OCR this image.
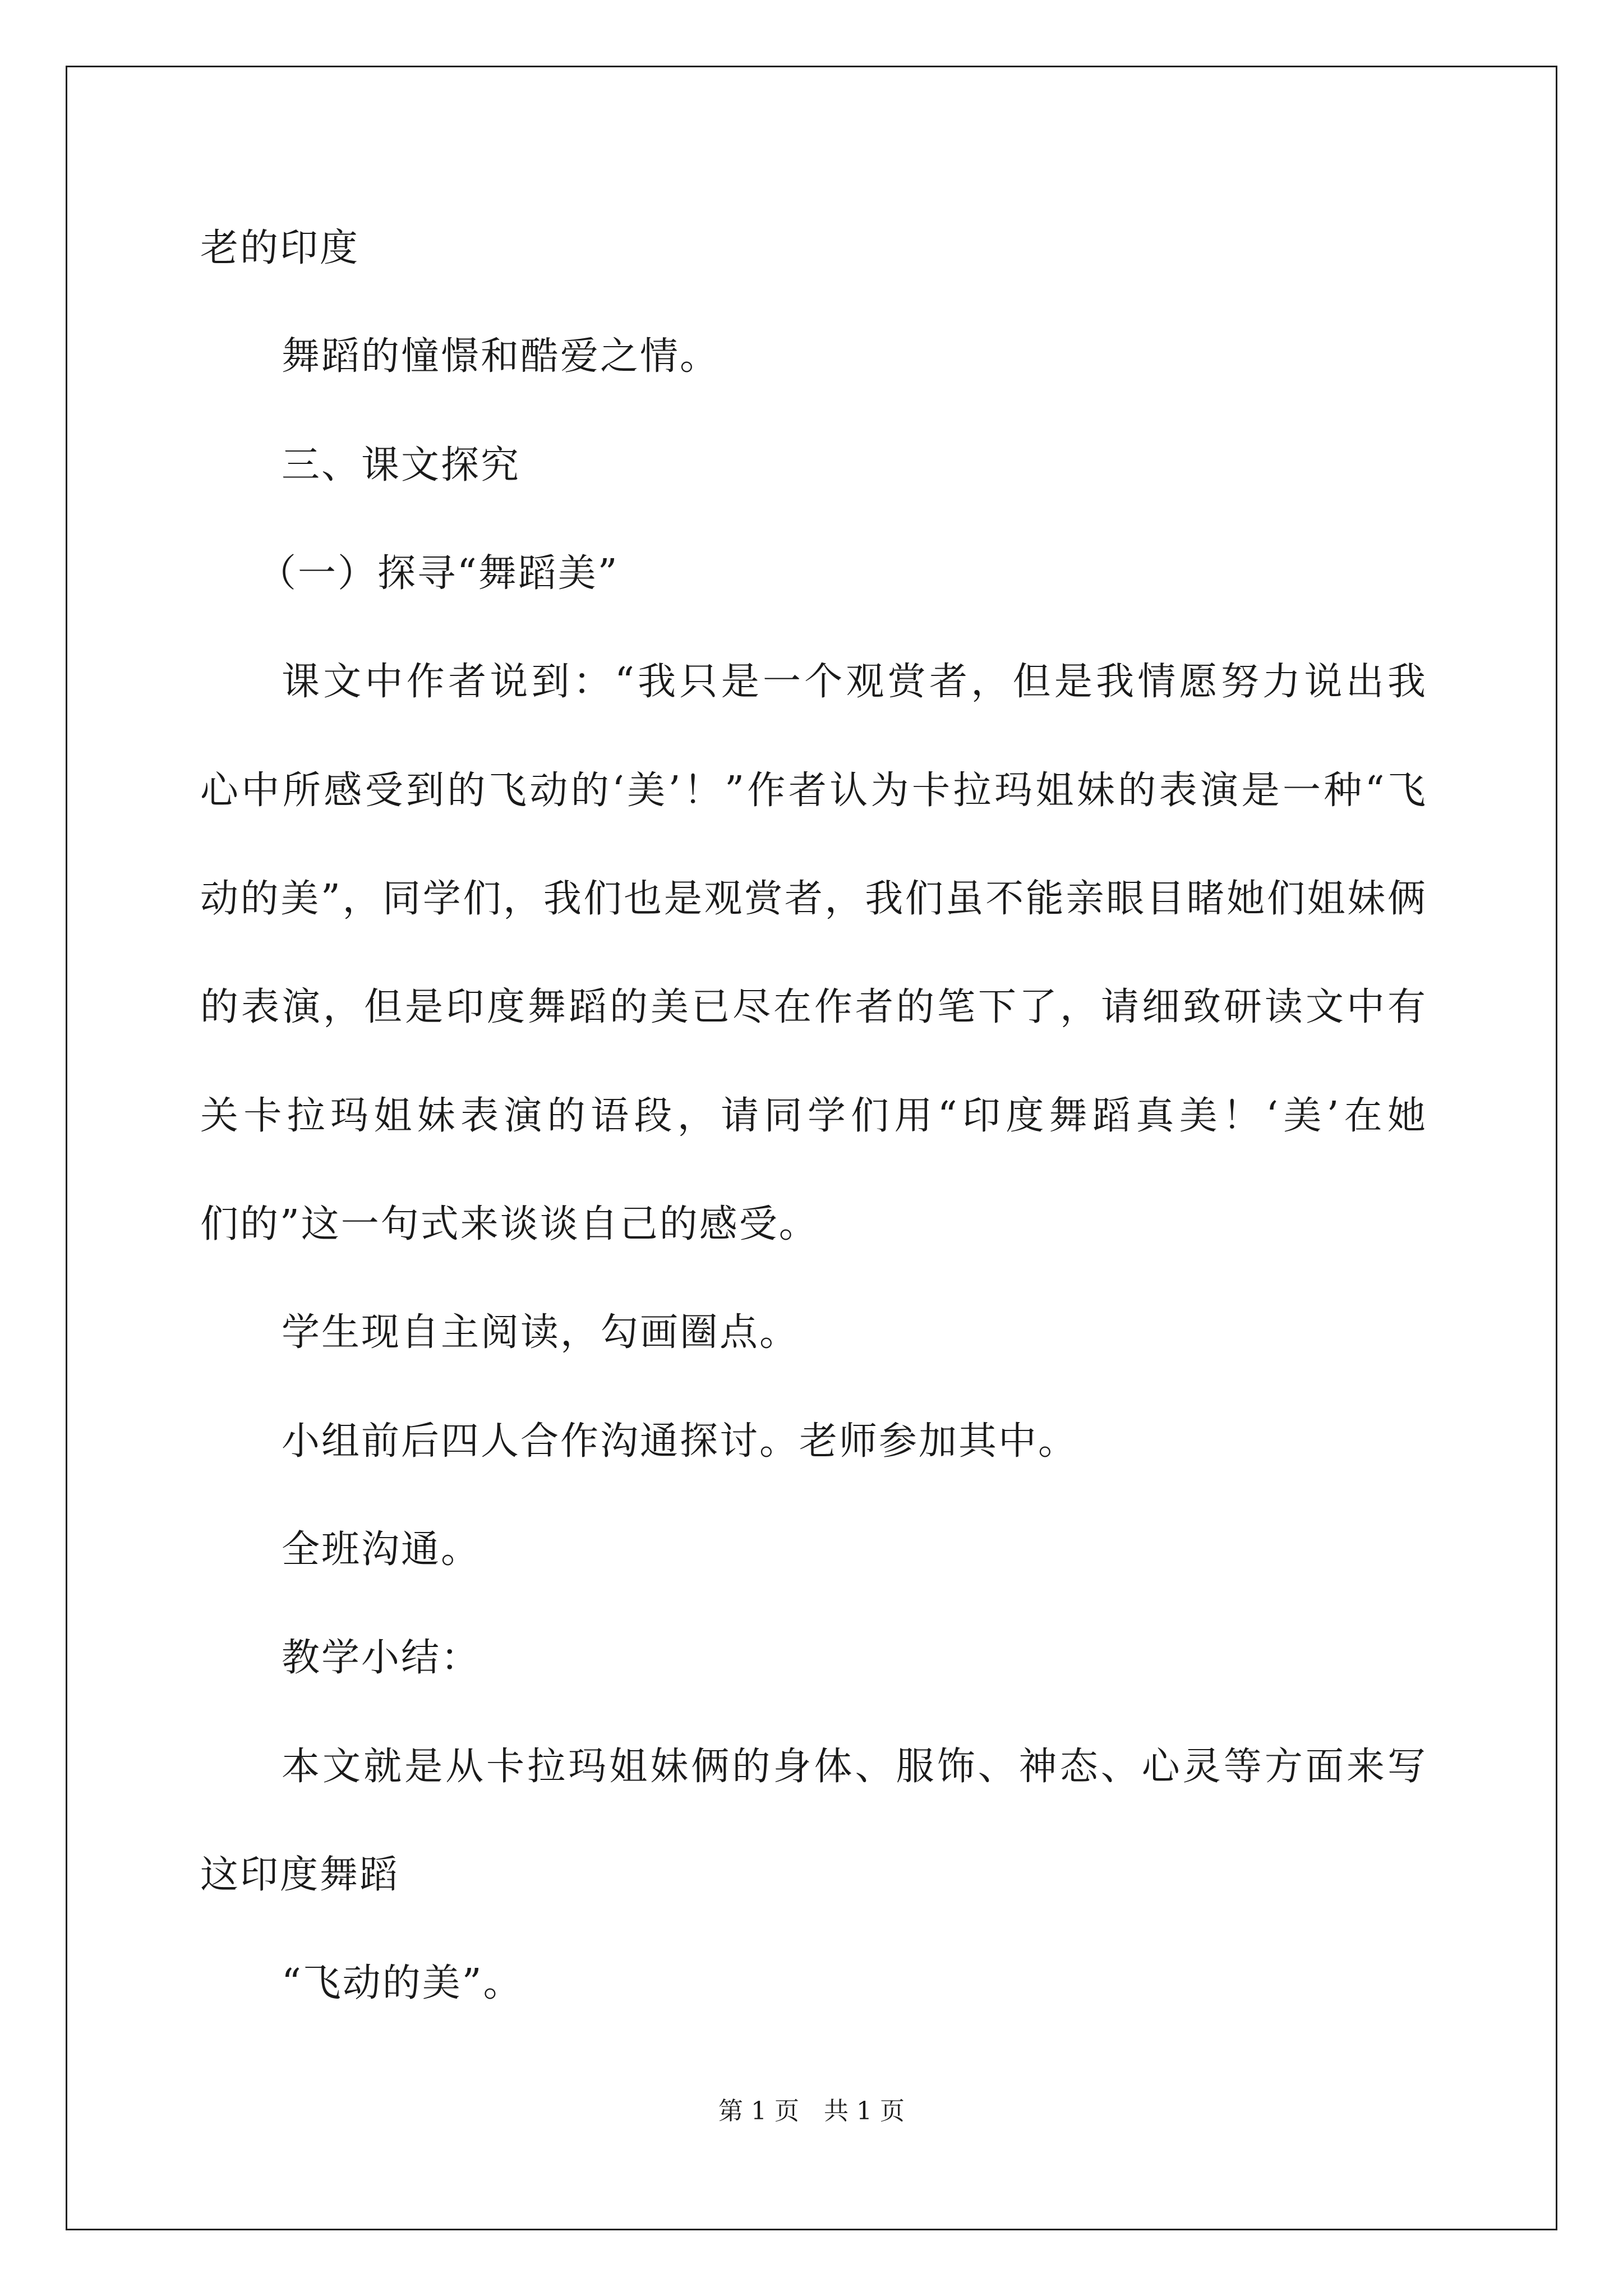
老的印度
舞蹈的憧憬和酷爱之情。
三、课文探究
（一）探寻“舞蹈美”
课文中作者说到：“我只是一个观赏者，但是我情愿努力说出我
心中所感受到的飞动的‘美’！”作者认为卡拉玛姐妹的表演是一种“飞
动的美”，同学们，我们也是观赏者，我们虽不能亲眼目睹她们姐妹俩
的表演，但是印度舞蹈的美已尽在作者的笔下了，请细致研读文中有
关卡拉玛姐妹表演的语段，请同学们用“印度舞蹈真美！‘美’在她
们的”这一句式来谈谈自己的感受。
学生现自主阅读，勾画圈点。
小组前后四人合作沟通探讨。老师参加其中。
全班沟通。
教学小结：
本文就是从卡拉玛姐妹俩的身体、服饰、神态、心灵等方面来写
这印度舞蹈
“飞动的美”。
第 1 页　共 1 页
